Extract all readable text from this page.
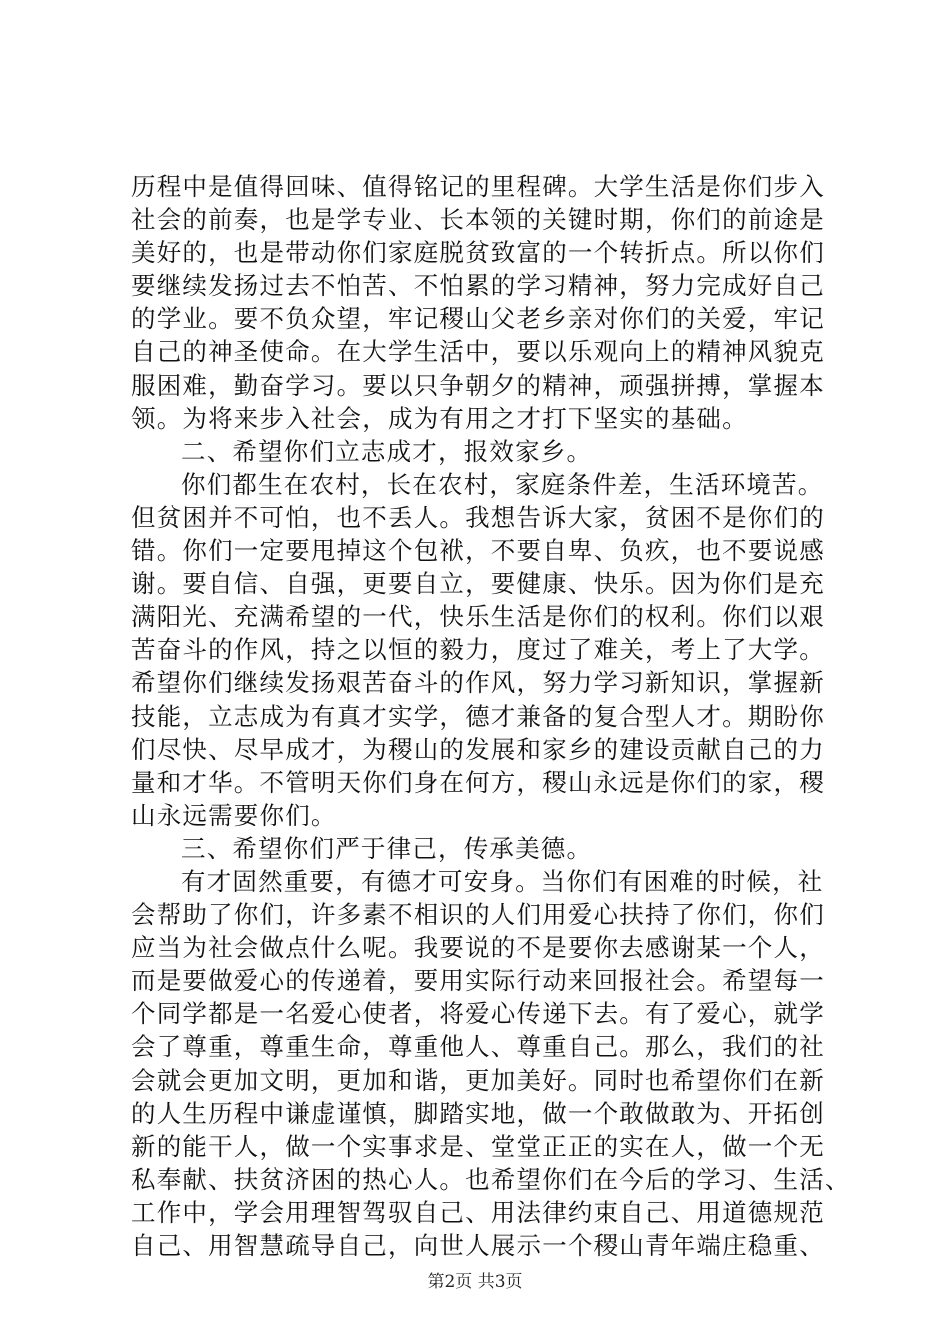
历程中是值得回味、值得铭记的里程碑。大学生活是你们步入
社会的前奏，也是学专业、长本领的关键时期，你们的前途是
美好的，也是带动你们家庭脱贫致富的一个转折点。所以你们
要继续发扬过去不怕苦、不怕累的学习精神，努力完成好自己
的学业。要不负众望，牢记稷山父老乡亲对你们的关爱，牢记
自己的神圣使命。在大学生活中，要以乐观向上的精神风貌克
服困难，勤奋学习。要以只争朝夕的精神，顽强拼搏，掌握本
领。为将来步入社会，成为有用之才打下坚实的基础。
二、希望你们立志成才，报效家乡。
你们都生在农村，长在农村，家庭条件差，生活环境苦。
但贫困并不可怕，也不丢人。我想告诉大家，贫困不是你们的
错。你们一定要甩掉这个包袱，不要自卑、负疚，也不要说感
谢。要自信、自强，更要自立，要健康、快乐。因为你们是充
满阳光、充满希望的一代，快乐生活是你们的权利。你们以艰
苦奋斗的作风，持之以恒的毅力，度过了难关，考上了大学。
希望你们继续发扬艰苦奋斗的作风，努力学习新知识，掌握新
技能，立志成为有真才实学，德才兼备的复合型人才。期盼你
们尽快、尽早成才，为稷山的发展和家乡的建设贡献自己的力
量和才华。不管明天你们身在何方，稷山永远是你们的家，稷
山永远需要你们。
三、希望你们严于律己，传承美德。
有才固然重要，有德才可安身。当你们有困难的时候，社
会帮助了你们，许多素不相识的人们用爱心扶持了你们，你们
应当为社会做点什么呢。我要说的不是要你去感谢某一个人，
而是要做爱心的传递着，要用实际行动来回报社会。希望每一
个同学都是一名爱心使者，将爱心传递下去。有了爱心，就学
会了尊重，尊重生命，尊重他人、尊重自己。那么，我们的社
会就会更加文明，更加和谐，更加美好。同时也希望你们在新
的人生历程中谦虚谨慎，脚踏实地，做一个敢做敢为、开拓创
新的能干人，做一个实事求是、堂堂正正的实在人，做一个无
私奉献、扶贫济困的热心人。也希望你们在今后的学习、生活、
工作中，学会用理智驾驭自己、用法律约束自己、用道德规范
自己、用智慧疏导自己，向世人展示一个稷山青年端庄稳重、
第2页 共3页
